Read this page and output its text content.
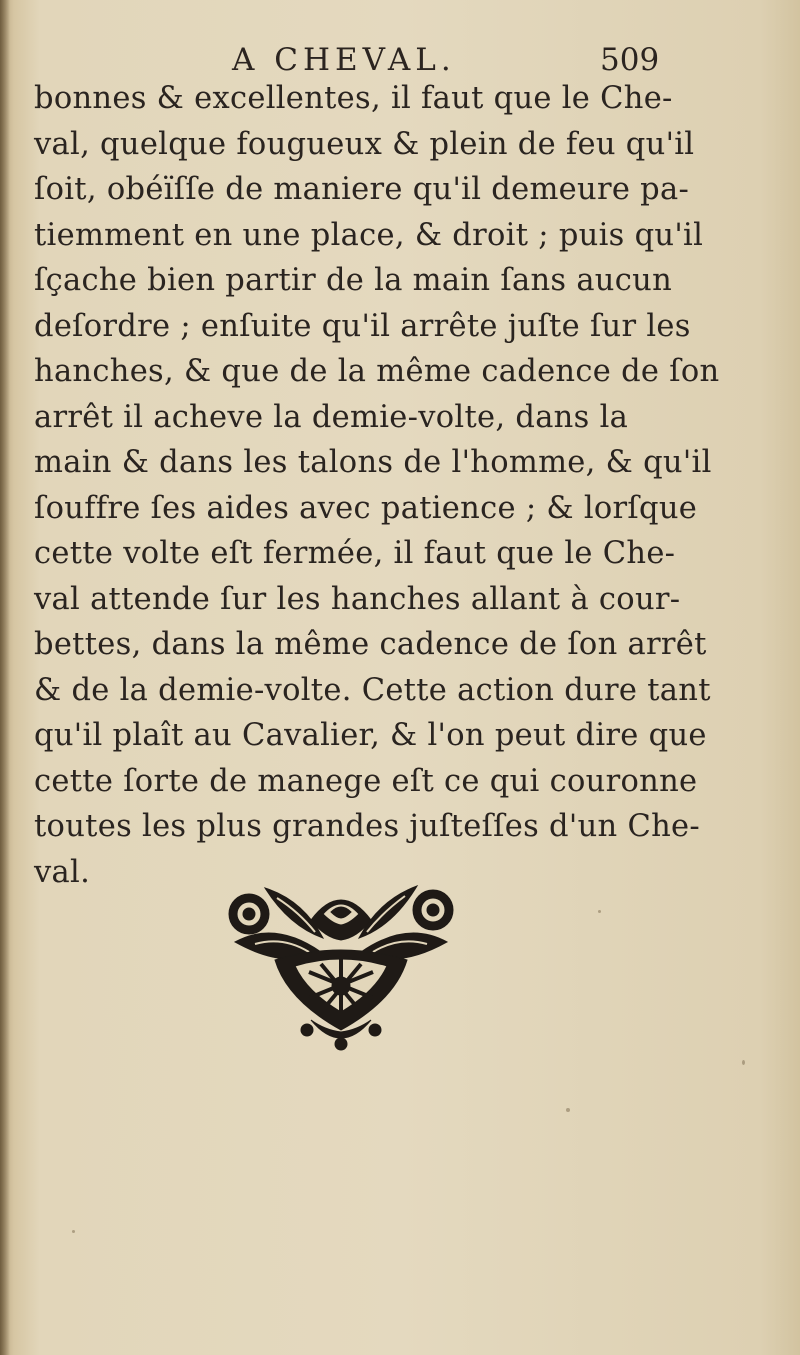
A CHEVAL.	509
bonnes & excellentes, il faut que le Che-
val, quelque fougueux & plein de feu qu'il
ſoit, obéïſſe de maniere qu'il demeure pa-
tiemment en une place, & droit ; puis qu'il
ſçache bien partir de la main ſans aucun
deſordre ; enſuite qu'il arrête juſte ſur les
hanches, & que de la même cadence de ſon
arrêt il acheve la demie-volte, dans la
main & dans les talons de l'homme, & qu'il
ſouffre ſes aides avec patience ; & lorſque
cette volte eſt fermée, il faut que le Che-
val attende ſur les hanches allant à cour-
bettes, dans la même cadence de ſon arrêt
& de la demie-volte. Cette action dure tant
qu'il plaît au Cavalier, & l'on peut dire que
cette ſorte de manege eſt ce qui couronne
toutes les plus grandes juſteſſes d'un Che-
val.
